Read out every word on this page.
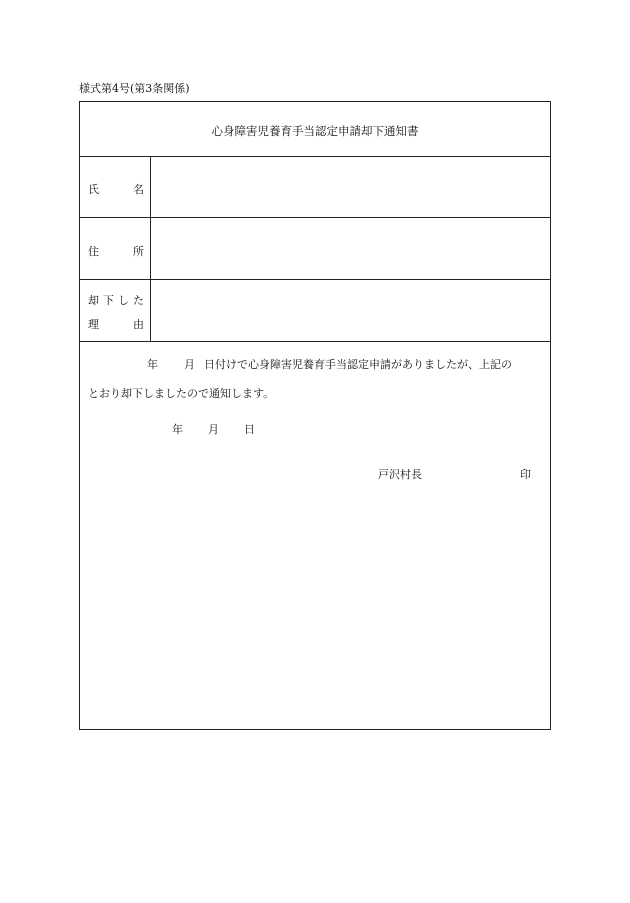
様式第4号(第3条関係)
心身障害児養育手当認定申請却下通知書
氏	名
住	所
却 下 し た
理	由
年 月 日付けで心身障害児養育手当認定申請がありましたが、上記の
とおり却下しましたので通知します。
年 月 日
戸沢村長	印
